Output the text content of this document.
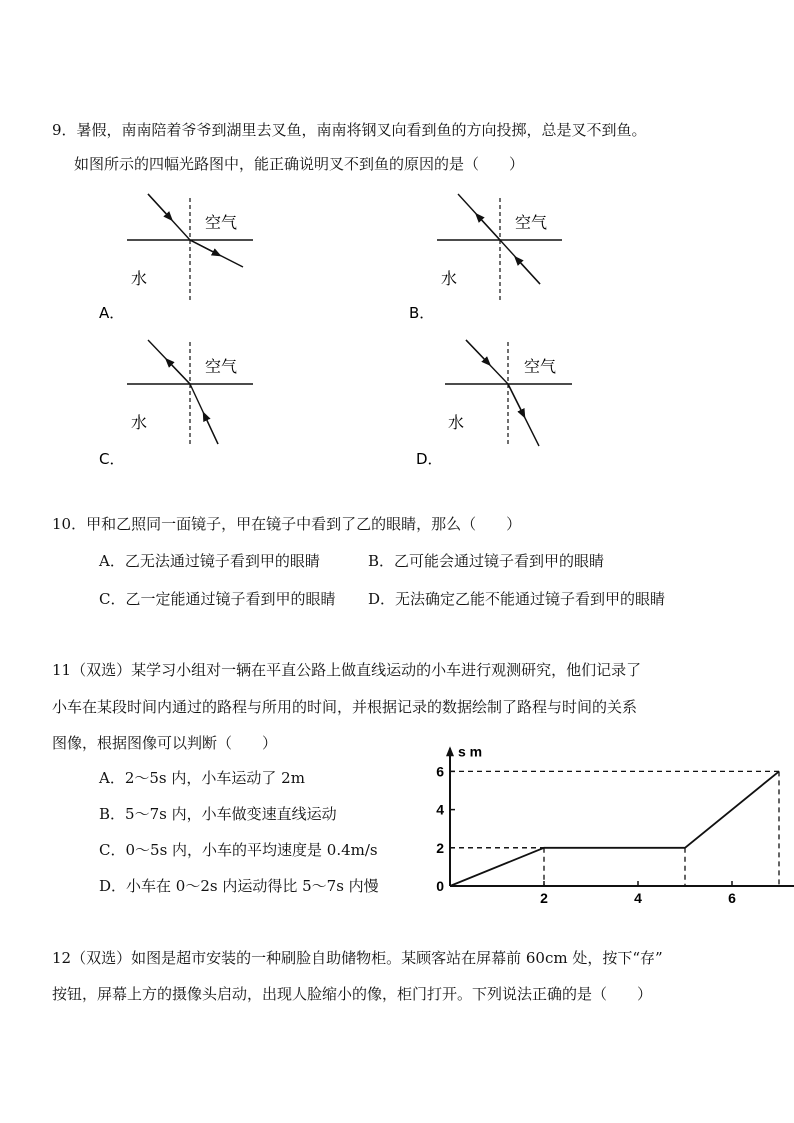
9．暑假，南南陪着爷爷到湖里去叉鱼，南南将钢叉向看到鱼的方向投掷，总是叉不到鱼。
如图所示的四幅光路图中，能正确说明叉不到鱼的原因的是（　　）
空气
水
A．
空气
水
B．
空气
水
C．
空气
水
D．
10．甲和乙照同一面镜子，甲在镜子中看到了乙的眼睛，那么（　　）
A．乙无法通过镜子看到甲的眼睛	B．乙可能会通过镜子看到甲的眼睛
C．乙一定能通过镜子看到甲的眼睛 D．无法确定乙能不能通过镜子看到甲的眼睛
11（双选）某学习小组对一辆在平直公路上做直线运动的小车进行观测研究，他们记录了
小车在某段时间内通过的路程与所用的时间，并根据记录的数据绘制了路程与时间的关系
图像，根据图像可以判断（　　）
A．2～5s 内，小车运动了 2m
B．5～7s 内，小车做变速直线运动
C．0～5s 内，小车的平均速度是 0.4m/s
D．小车在 0～2s 内运动得比 5～7s 内慢
2	4	6
0
2
4
6
s m
12（双选）如图是超市安装的一种刷脸自助储物柜。某顾客站在屏幕前 60cm 处，按下“存”
按钮，屏幕上方的摄像头启动，出现人脸缩小的像，柜门打开。下列说法正确的是（　　）
